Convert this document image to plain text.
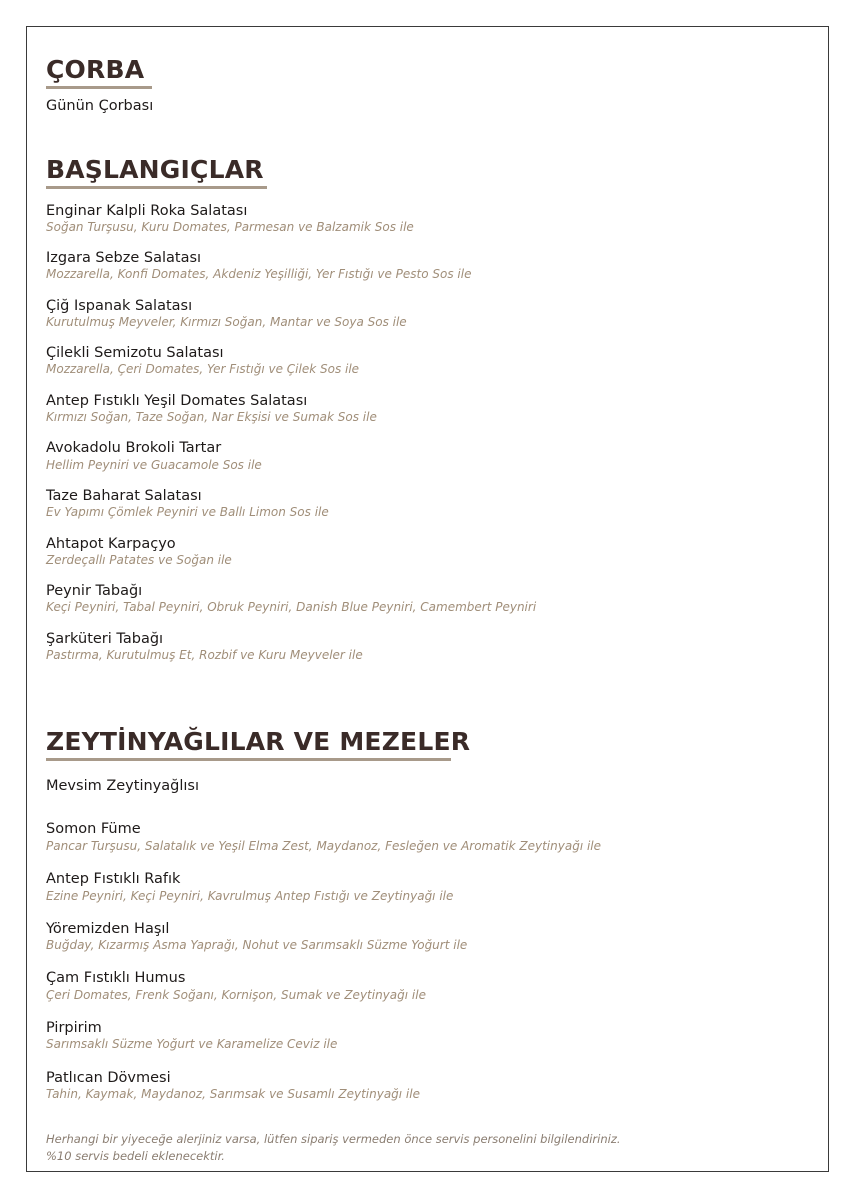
ÇORBA
Günün Çorbası
BAŞLANGIÇLAR
Enginar Kalpli Roka Salatası
Soğan Turşusu, Kuru Domates, Parmesan ve Balzamik Sos ile
Izgara Sebze Salatası
Mozzarella, Konfi Domates, Akdeniz Yeşilliği, Yer Fıstığı ve Pesto Sos ile
Çiğ Ispanak Salatası
Kurutulmuş Meyveler, Kırmızı Soğan, Mantar ve Soya Sos ile
Çilekli Semizotu Salatası
Mozzarella, Çeri Domates, Yer Fıstığı ve Çilek Sos ile
Antep Fıstıklı Yeşil Domates Salatası
Kırmızı Soğan, Taze Soğan, Nar Ekşisi ve Sumak Sos ile
Avokadolu Brokoli Tartar
Hellim Peyniri ve Guacamole Sos ile
Taze Baharat Salatası
Ev Yapımı Çömlek Peyniri ve Ballı Limon Sos ile
Ahtapot Karpaçyo
Zerdeçallı Patates ve Soğan ile
Peynir Tabağı
Keçi Peyniri, Tabal Peyniri, Obruk Peyniri, Danish Blue Peyniri, Camembert Peyniri
Şarküteri Tabağı
Pastırma, Kurutulmuş Et, Rozbif ve Kuru Meyveler ile
ZEYTİNYAĞLILAR VE MEZELER
Mevsim Zeytinyağlısı
Somon Füme
Pancar Turşusu, Salatalık ve Yeşil Elma Zest, Maydanoz, Fesleğen ve Aromatik Zeytinyağı ile
Antep Fıstıklı Rafık
Ezine Peyniri, Keçi Peyniri, Kavrulmuş Antep Fıstığı ve Zeytinyağı ile
Yöremizden Haşıl
Buğday, Kızarmış Asma Yaprağı, Nohut ve Sarımsaklı Süzme Yoğurt ile
Çam Fıstıklı Humus
Çeri Domates, Frenk Soğanı, Kornişon, Sumak ve Zeytinyağı ile
Pirpirim
Sarımsaklı Süzme Yoğurt ve Karamelize Ceviz ile
Patlıcan Dövmesi
Tahin, Kaymak, Maydanoz, Sarımsak ve Susamlı Zeytinyağı ile
Herhangi bir yiyeceğe alerjiniz varsa, lütfen sipariş vermeden önce servis personelini bilgilendiriniz.
%10 servis bedeli eklenecektir.
